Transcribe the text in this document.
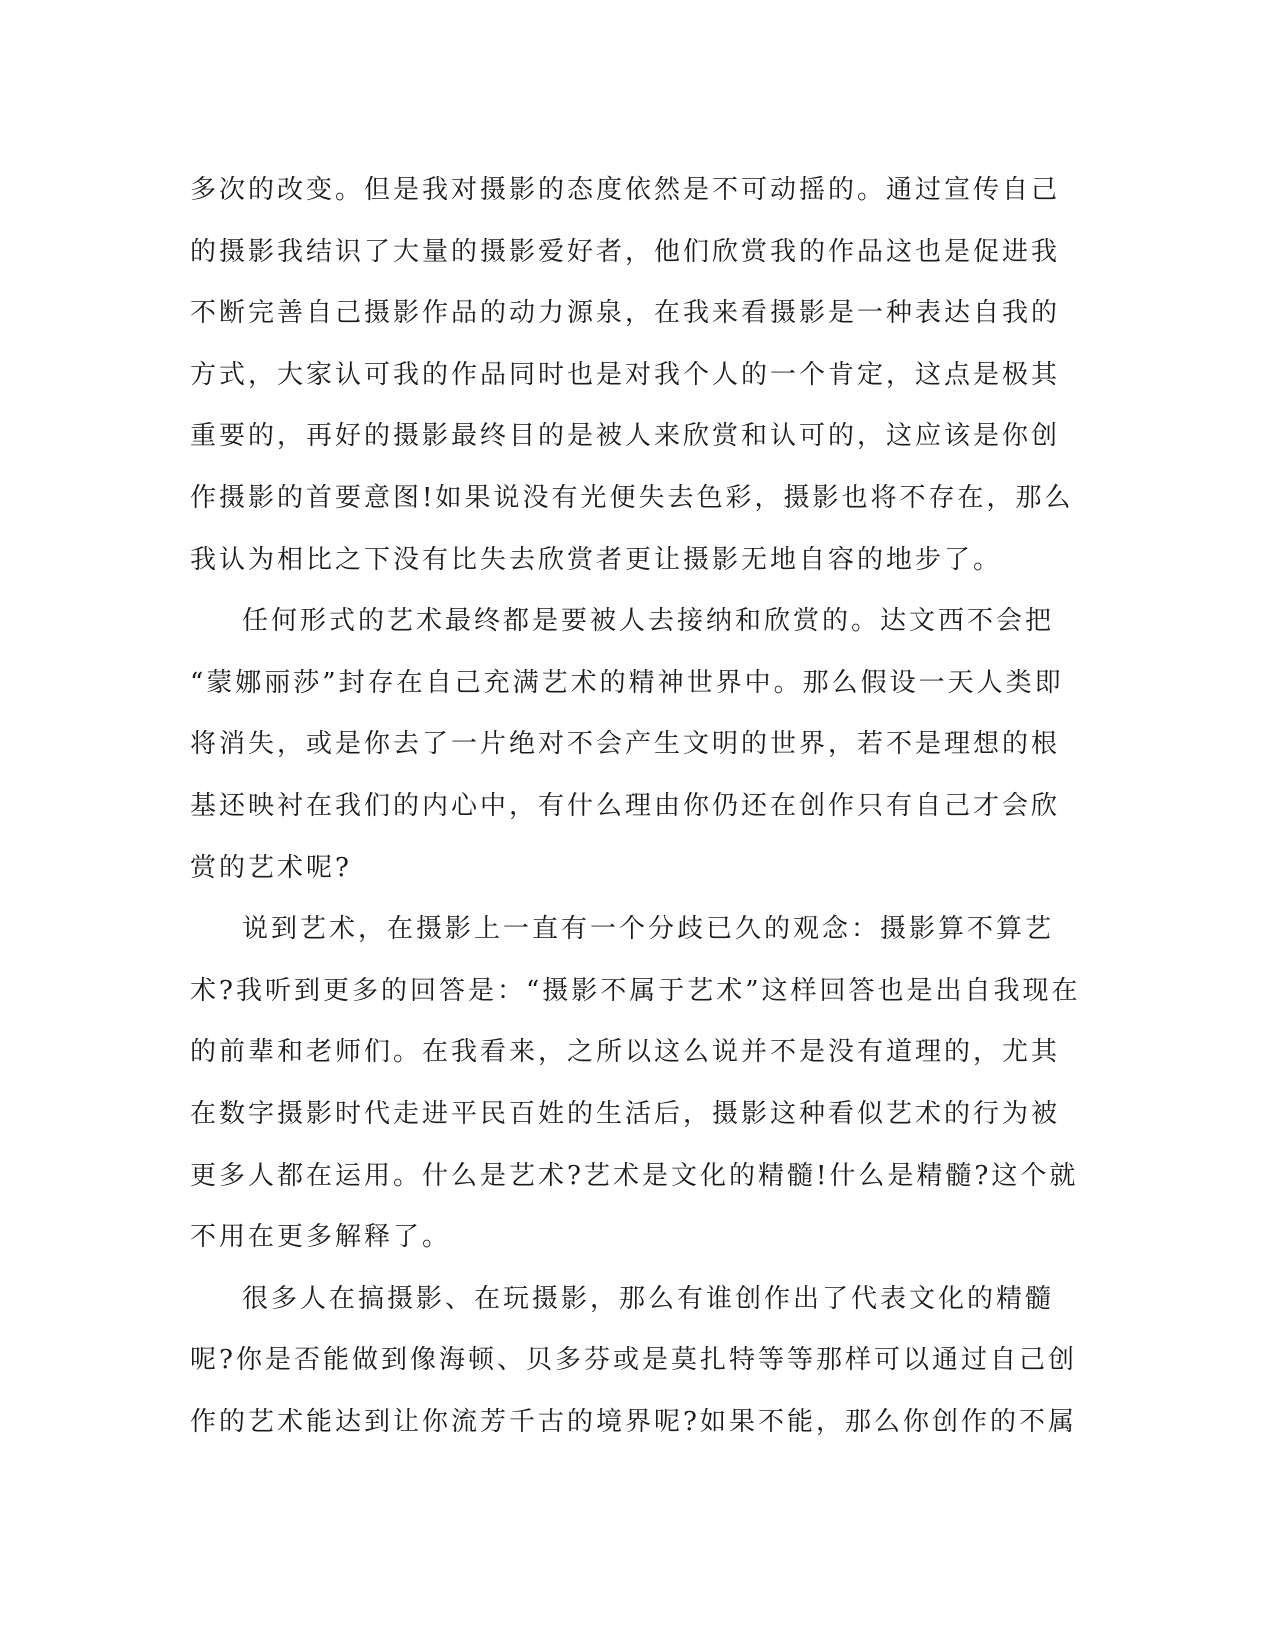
多次的改变。但是我对摄影的态度依然是不可动摇的。通过宣传自己
的摄影我结识了大量的摄影爱好者，他们欣赏我的作品这也是促进我
不断完善自己摄影作品的动力源泉，在我来看摄影是一种表达自我的
方式，大家认可我的作品同时也是对我个人的一个肯定，这点是极其
重要的，再好的摄影最终目的是被人来欣赏和认可的，这应该是你创
作摄影的首要意图!如果说没有光便失去色彩，摄影也将不存在，那么
我认为相比之下没有比失去欣赏者更让摄影无地自容的地步了。

任何形式的艺术最终都是要被人去接纳和欣赏的。达文西不会把
“蒙娜丽莎”封存在自己充满艺术的精神世界中。那么假设一天人类即
将消失，或是你去了一片绝对不会产生文明的世界，若不是理想的根
基还映衬在我们的内心中，有什么理由你仍还在创作只有自己才会欣
赏的艺术呢?

说到艺术，在摄影上一直有一个分歧已久的观念：摄影算不算艺
术?我听到更多的回答是：“摄影不属于艺术”这样回答也是出自我现在
的前辈和老师们。在我看来，之所以这么说并不是没有道理的，尤其
在数字摄影时代走进平民百姓的生活后，摄影这种看似艺术的行为被
更多人都在运用。什么是艺术?艺术是文化的精髓!什么是精髓?这个就
不用在更多解释了。

很多人在搞摄影、在玩摄影，那么有谁创作出了代表文化的精髓
呢?你是否能做到像海顿、贝多芬或是莫扎特等等那样可以通过自己创
作的艺术能达到让你流芳千古的境界呢?如果不能，那么你创作的不属
